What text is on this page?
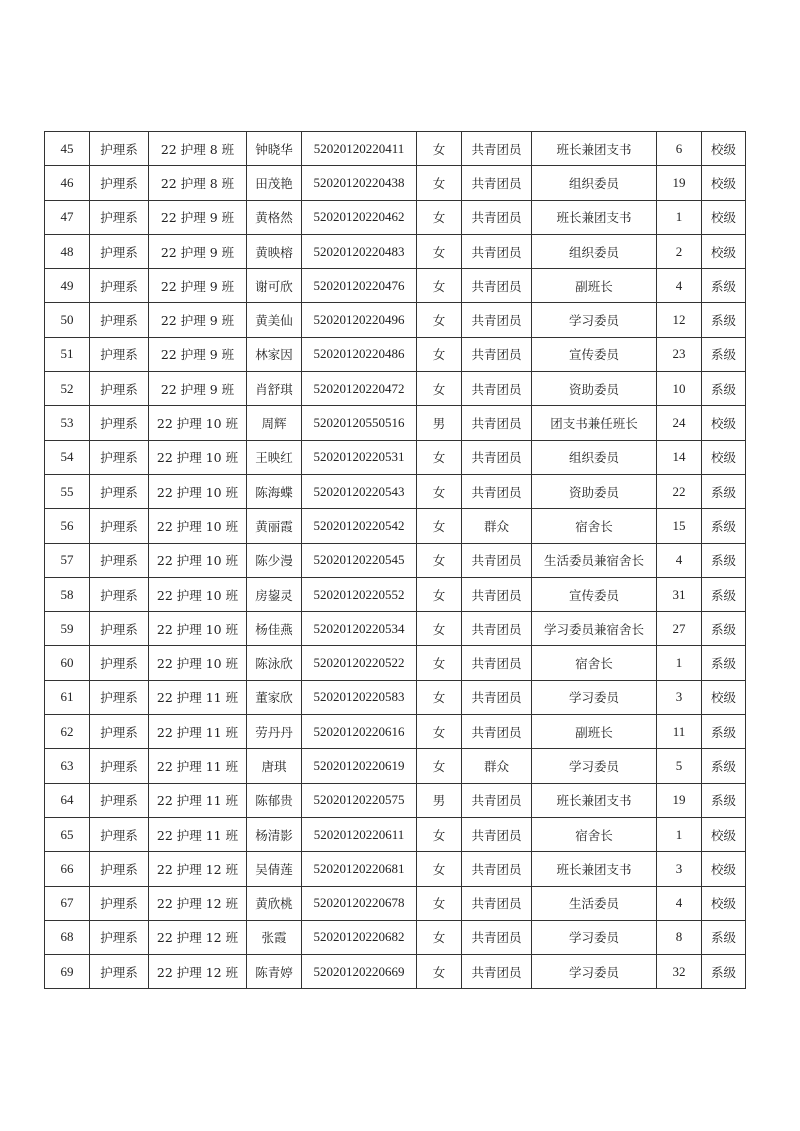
45	护理系	22 护理 8 班	钟晓华	52020120220411	女	共青团员	班长兼团支书	6	校级
46	护理系	22 护理 8 班	田茂艳	52020120220438	女	共青团员	组织委员	19	校级
47	护理系	22 护理 9 班	黄格然	52020120220462	女	共青团员	班长兼团支书	1	校级
48	护理系	22 护理 9 班	黄映榕	52020120220483	女	共青团员	组织委员	2	校级
49	护理系	22 护理 9 班	谢可欣	52020120220476	女	共青团员	副班长	4	系级
50	护理系	22 护理 9 班	黄美仙	52020120220496	女	共青团员	学习委员	12	系级
51	护理系	22 护理 9 班	林家因	52020120220486	女	共青团员	宣传委员	23	系级
52	护理系	22 护理 9 班	肖舒琪	52020120220472	女	共青团员	资助委员	10	系级
53	护理系	22 护理 10 班	周辉	52020120550516	男	共青团员	团支书兼任班长	24	校级
54	护理系	22 护理 10 班	王映红	52020120220531	女	共青团员	组织委员	14	校级
55	护理系	22 护理 10 班	陈海蝶	52020120220543	女	共青团员	资助委员	22	系级
56	护理系	22 护理 10 班	黄丽霞	52020120220542	女	群众	宿舍长	15	系级
57	护理系	22 护理 10 班	陈少漫	52020120220545	女	共青团员	生活委员兼宿舍长	4	系级
58	护理系	22 护理 10 班	房鋆灵	52020120220552	女	共青团员	宣传委员	31	系级
59	护理系	22 护理 10 班	杨佳燕	52020120220534	女	共青团员	学习委员兼宿舍长	27	系级
60	护理系	22 护理 10 班	陈泳欣	52020120220522	女	共青团员	宿舍长	1	系级
61	护理系	22 护理 11 班	董家欣	52020120220583	女	共青团员	学习委员	3	校级
62	护理系	22 护理 11 班	劳丹丹	52020120220616	女	共青团员	副班长	11	系级
63	护理系	22 护理 11 班	唐琪	52020120220619	女	群众	学习委员	5	系级
64	护理系	22 护理 11 班	陈郁贵	52020120220575	男	共青团员	班长兼团支书	19	系级
65	护理系	22 护理 11 班	杨清影	52020120220611	女	共青团员	宿舍长	1	校级
66	护理系	22 护理 12 班	吴倩莲	52020120220681	女	共青团员	班长兼团支书	3	校级
67	护理系	22 护理 12 班	黄欣桃	52020120220678	女	共青团员	生活委员	4	校级
68	护理系	22 护理 12 班	张霞	52020120220682	女	共青团员	学习委员	8	系级
69	护理系	22 护理 12 班	陈青婷	52020120220669	女	共青团员	学习委员	32	系级
